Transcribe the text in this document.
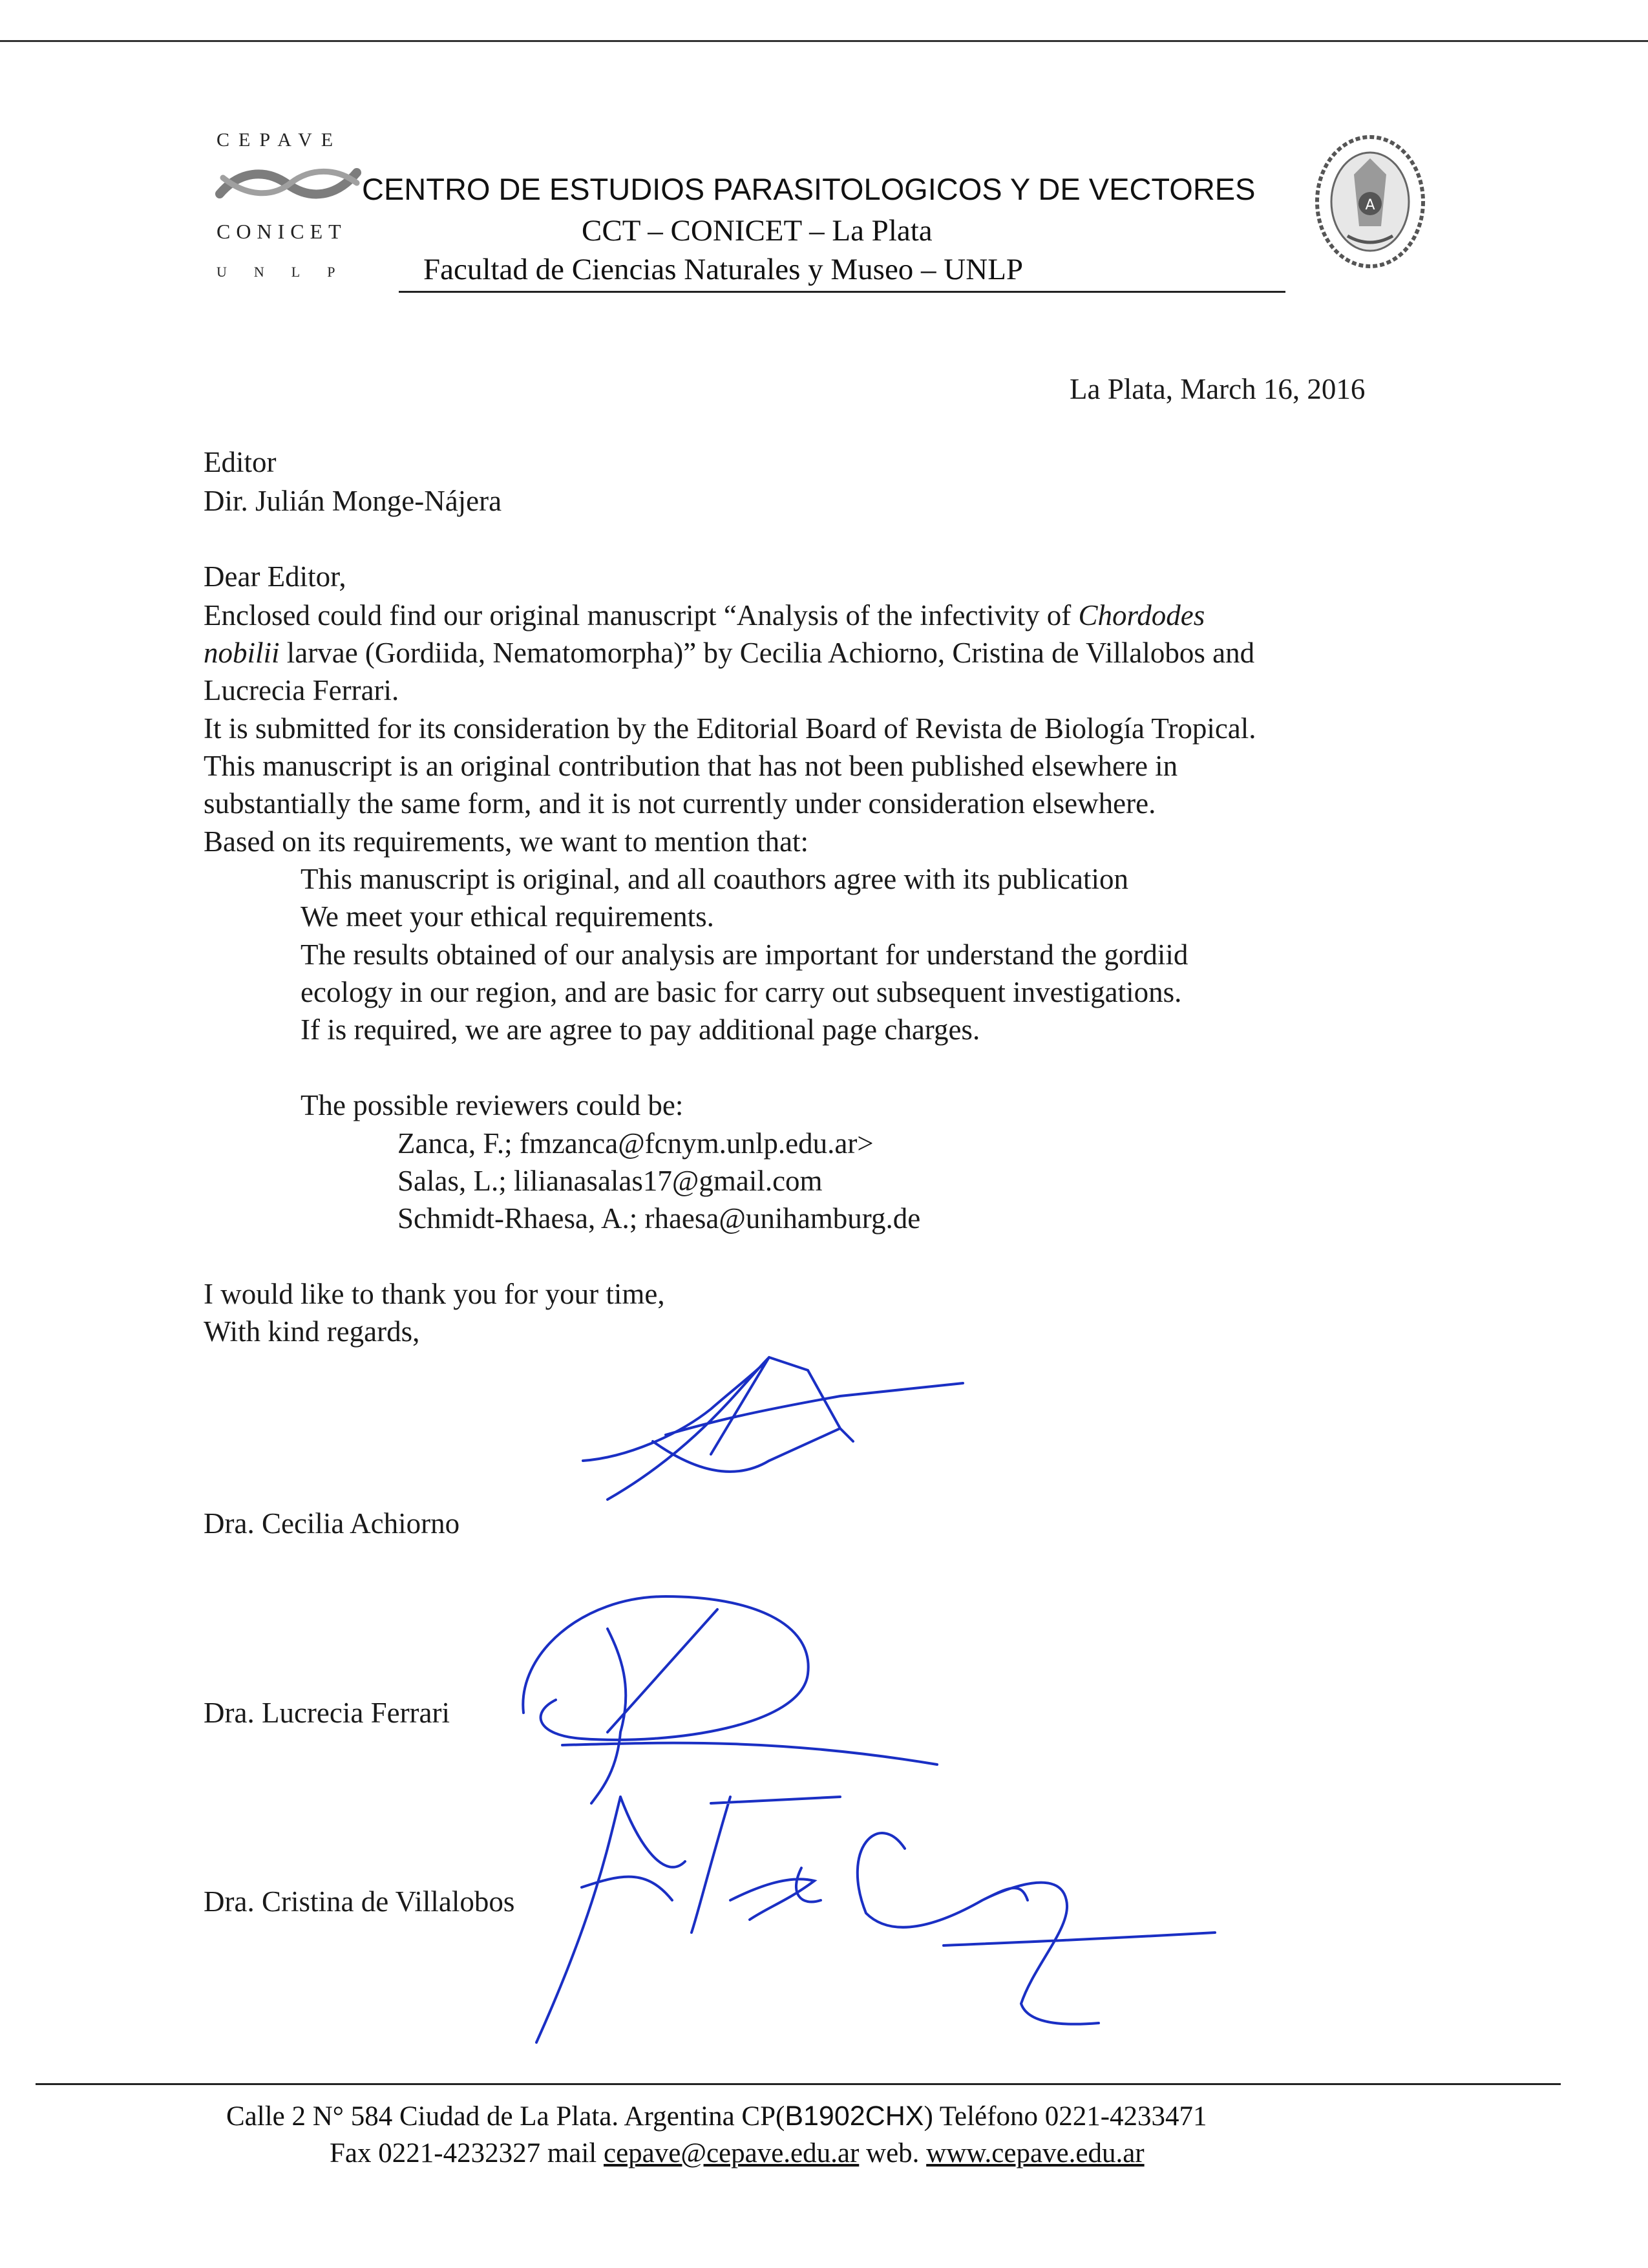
CEPAVE
CONICET
UNLP
CENTRO DE ESTUDIOS PARASITOLOGICOS Y DE VECTORES
CCT – CONICET – La Plata
Facultad de Ciencias Naturales y Museo – UNLP
A
La Plata, March 16, 2016
Editor
Dir. Julián Monge-Nájera
Dear Editor,
Enclosed could find our original manuscript “Analysis of the infectivity of Chordodes
nobilii larvae (Gordiida, Nematomorpha)” by Cecilia Achiorno, Cristina de Villalobos and
Lucrecia Ferrari.
It is submitted for its consideration by the Editorial Board of Revista de Biología Tropical.
This manuscript is an original contribution that has not been published elsewhere in
substantially the same form, and it is not currently under consideration elsewhere.
Based on its requirements, we want to mention that:
This manuscript is original, and all coauthors agree with its publication
We meet your ethical requirements.
The results obtained of our analysis are important for understand the gordiid
ecology in our region, and are basic for carry out subsequent investigations.
If is required, we are agree to pay additional page charges.
The possible reviewers could be:
Zanca, F.; fmzanca@fcnym.unlp.edu.ar>
Salas, L.; lilianasalas17@gmail.com
Schmidt-Rhaesa, A.; rhaesa@unihamburg.de
I would like to thank you for your time,
With kind regards,
Dra. Cecilia Achiorno
Dra. Lucrecia Ferrari
Dra. Cristina de Villalobos
Calle 2 N° 584 Ciudad de La Plata. Argentina CP(B1902CHX) Teléfono 0221-4233471
Fax 0221-4232327 mail cepave@cepave.edu.ar web. www.cepave.edu.ar
